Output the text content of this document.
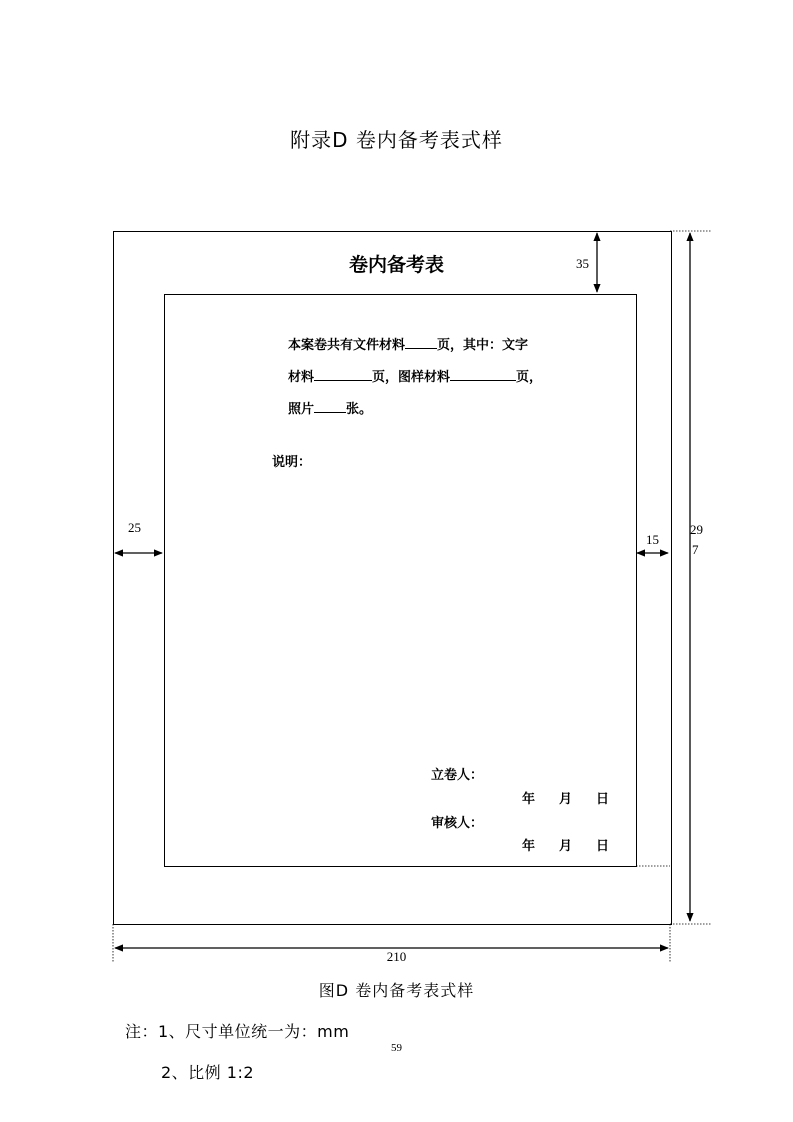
附录D 卷内备考表式样
卷内备考表
本案卷共有文件材料 页，其中：文字
材料	页，图样材料	页，
照片 张。
说明：
立卷人：
年 月 日
审核人：
年 月 日
35
25
15
29
7
210
图D 卷内备考表式样
注：1、尺寸单位统一为：mm
59
2、比例 1:2
